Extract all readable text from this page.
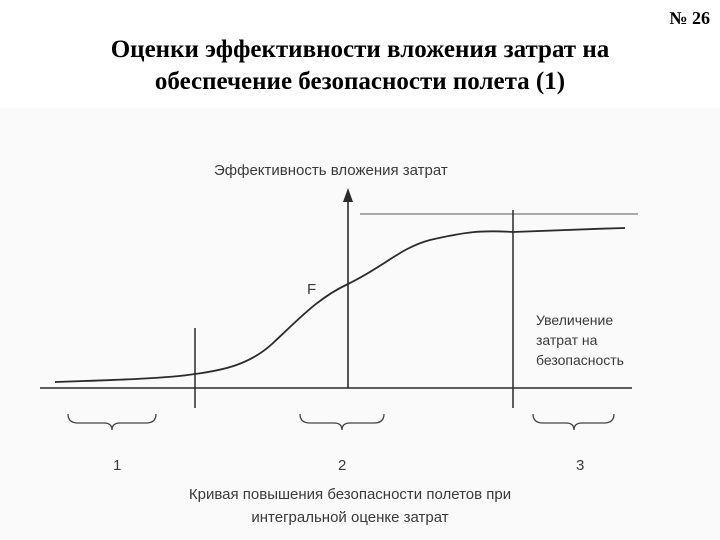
№ 26
Оценки эффективности вложения затрат на
обеспечение безопасности полета (1)
Эффективность вложения затрат
F
Увеличение
затрат на
безопасность
1	2	3
Кривая повышения безопасности полетов при
интегральной оценке затрат
